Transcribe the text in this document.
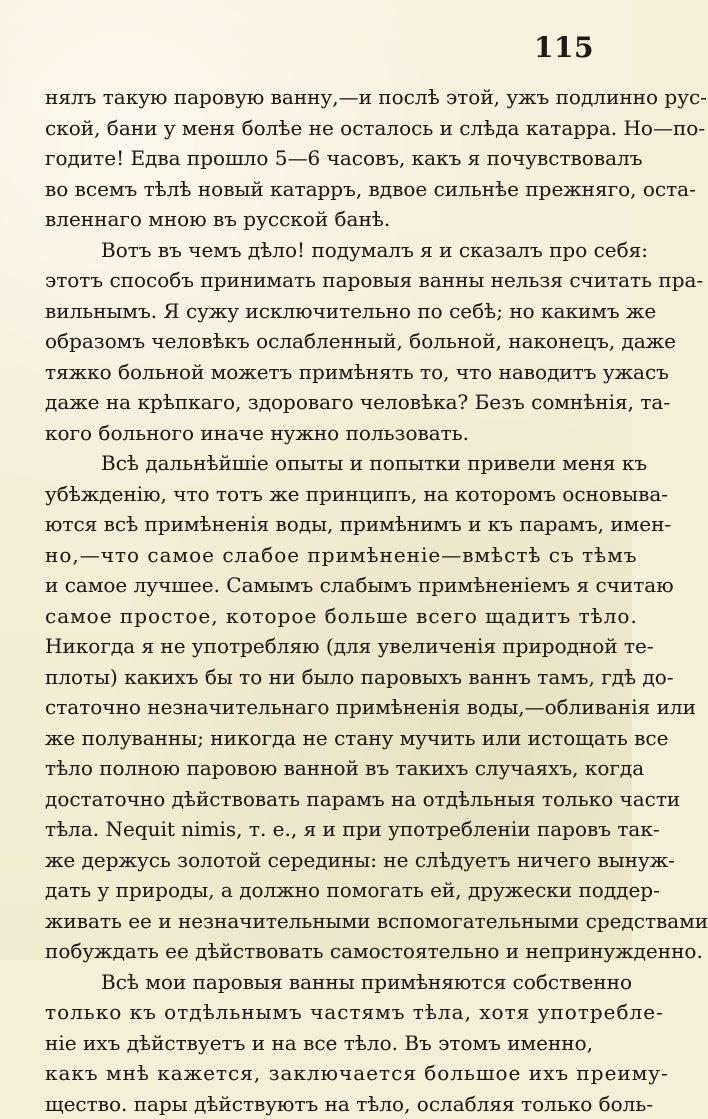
115
нялъ такую паровую ванну,—и послѣ этой, ужъ подлинно рус-
ской, бани у меня болѣе не осталось и слѣда катарра. Но—по-
годите! Едва прошло 5—6 часовъ, какъ я почувствовалъ
во всемъ тѣлѣ новый катарръ, вдвое сильнѣе прежняго, оста-
вленнаго мною въ русской банѣ.
Вотъ въ чемъ дѣло! подумалъ я и сказалъ про себя:
этотъ способъ принимать паровыя ванны нельзя считать пра-
вильнымъ. Я сужу исключительно по себѣ; но какимъ же
образомъ человѣкъ ослабленный, больной, наконецъ, даже
тяжко больной можетъ примѣнять то, что наводитъ ужасъ
даже на крѣпкаго, здороваго человѣка? Безъ сомнѣнія, та-
кого больного иначе нужно пользовать.
Всѣ дальнѣйшіе опыты и попытки привели меня къ
убѣжденію, что тотъ же принципъ, на которомъ основыва-
ются всѣ примѣненія воды, примѣнимъ и къ парамъ, имен-
но,—что самое слабое примѣненіе—вмѣстѣ съ тѣмъ
и самое лучшее. Самымъ слабымъ примѣненіемъ я считаю
самое простое, которое больше всего щадитъ тѣло.
Никогда я не употребляю (для увеличенія природной те-
плоты) какихъ бы то ни было паровыхъ ваннъ тамъ, гдѣ до-
статочно незначительнаго примѣненія воды,—обливанія или
же полуванны; никогда не стану мучить или истощать все
тѣло полною паровою ванной въ такихъ случаяхъ, когда
достаточно дѣйствовать парамъ на отдѣльныя только части
тѣла. Nequit nimis, т. е., я и при употребленіи паровъ так-
же держусь золотой середины: не слѣдуетъ ничего вынуж-
дать у природы, а должно помогать ей, дружески поддер-
живать ее и незначительными вспомогательными средствами
побуждать ее дѣйствовать самостоятельно и непринужденно.
Всѣ мои паровыя ванны примѣняются собственно
только къ отдѣльнымъ частямъ тѣла, хотя употребле-
ніе ихъ дѣйствуетъ и на все тѣло. Въ этомъ именно,
какъ мнѣ кажется, заключается большое ихъ преиму-
щество. пары дѣйствуютъ на тѣло, ослабляя только боль-
